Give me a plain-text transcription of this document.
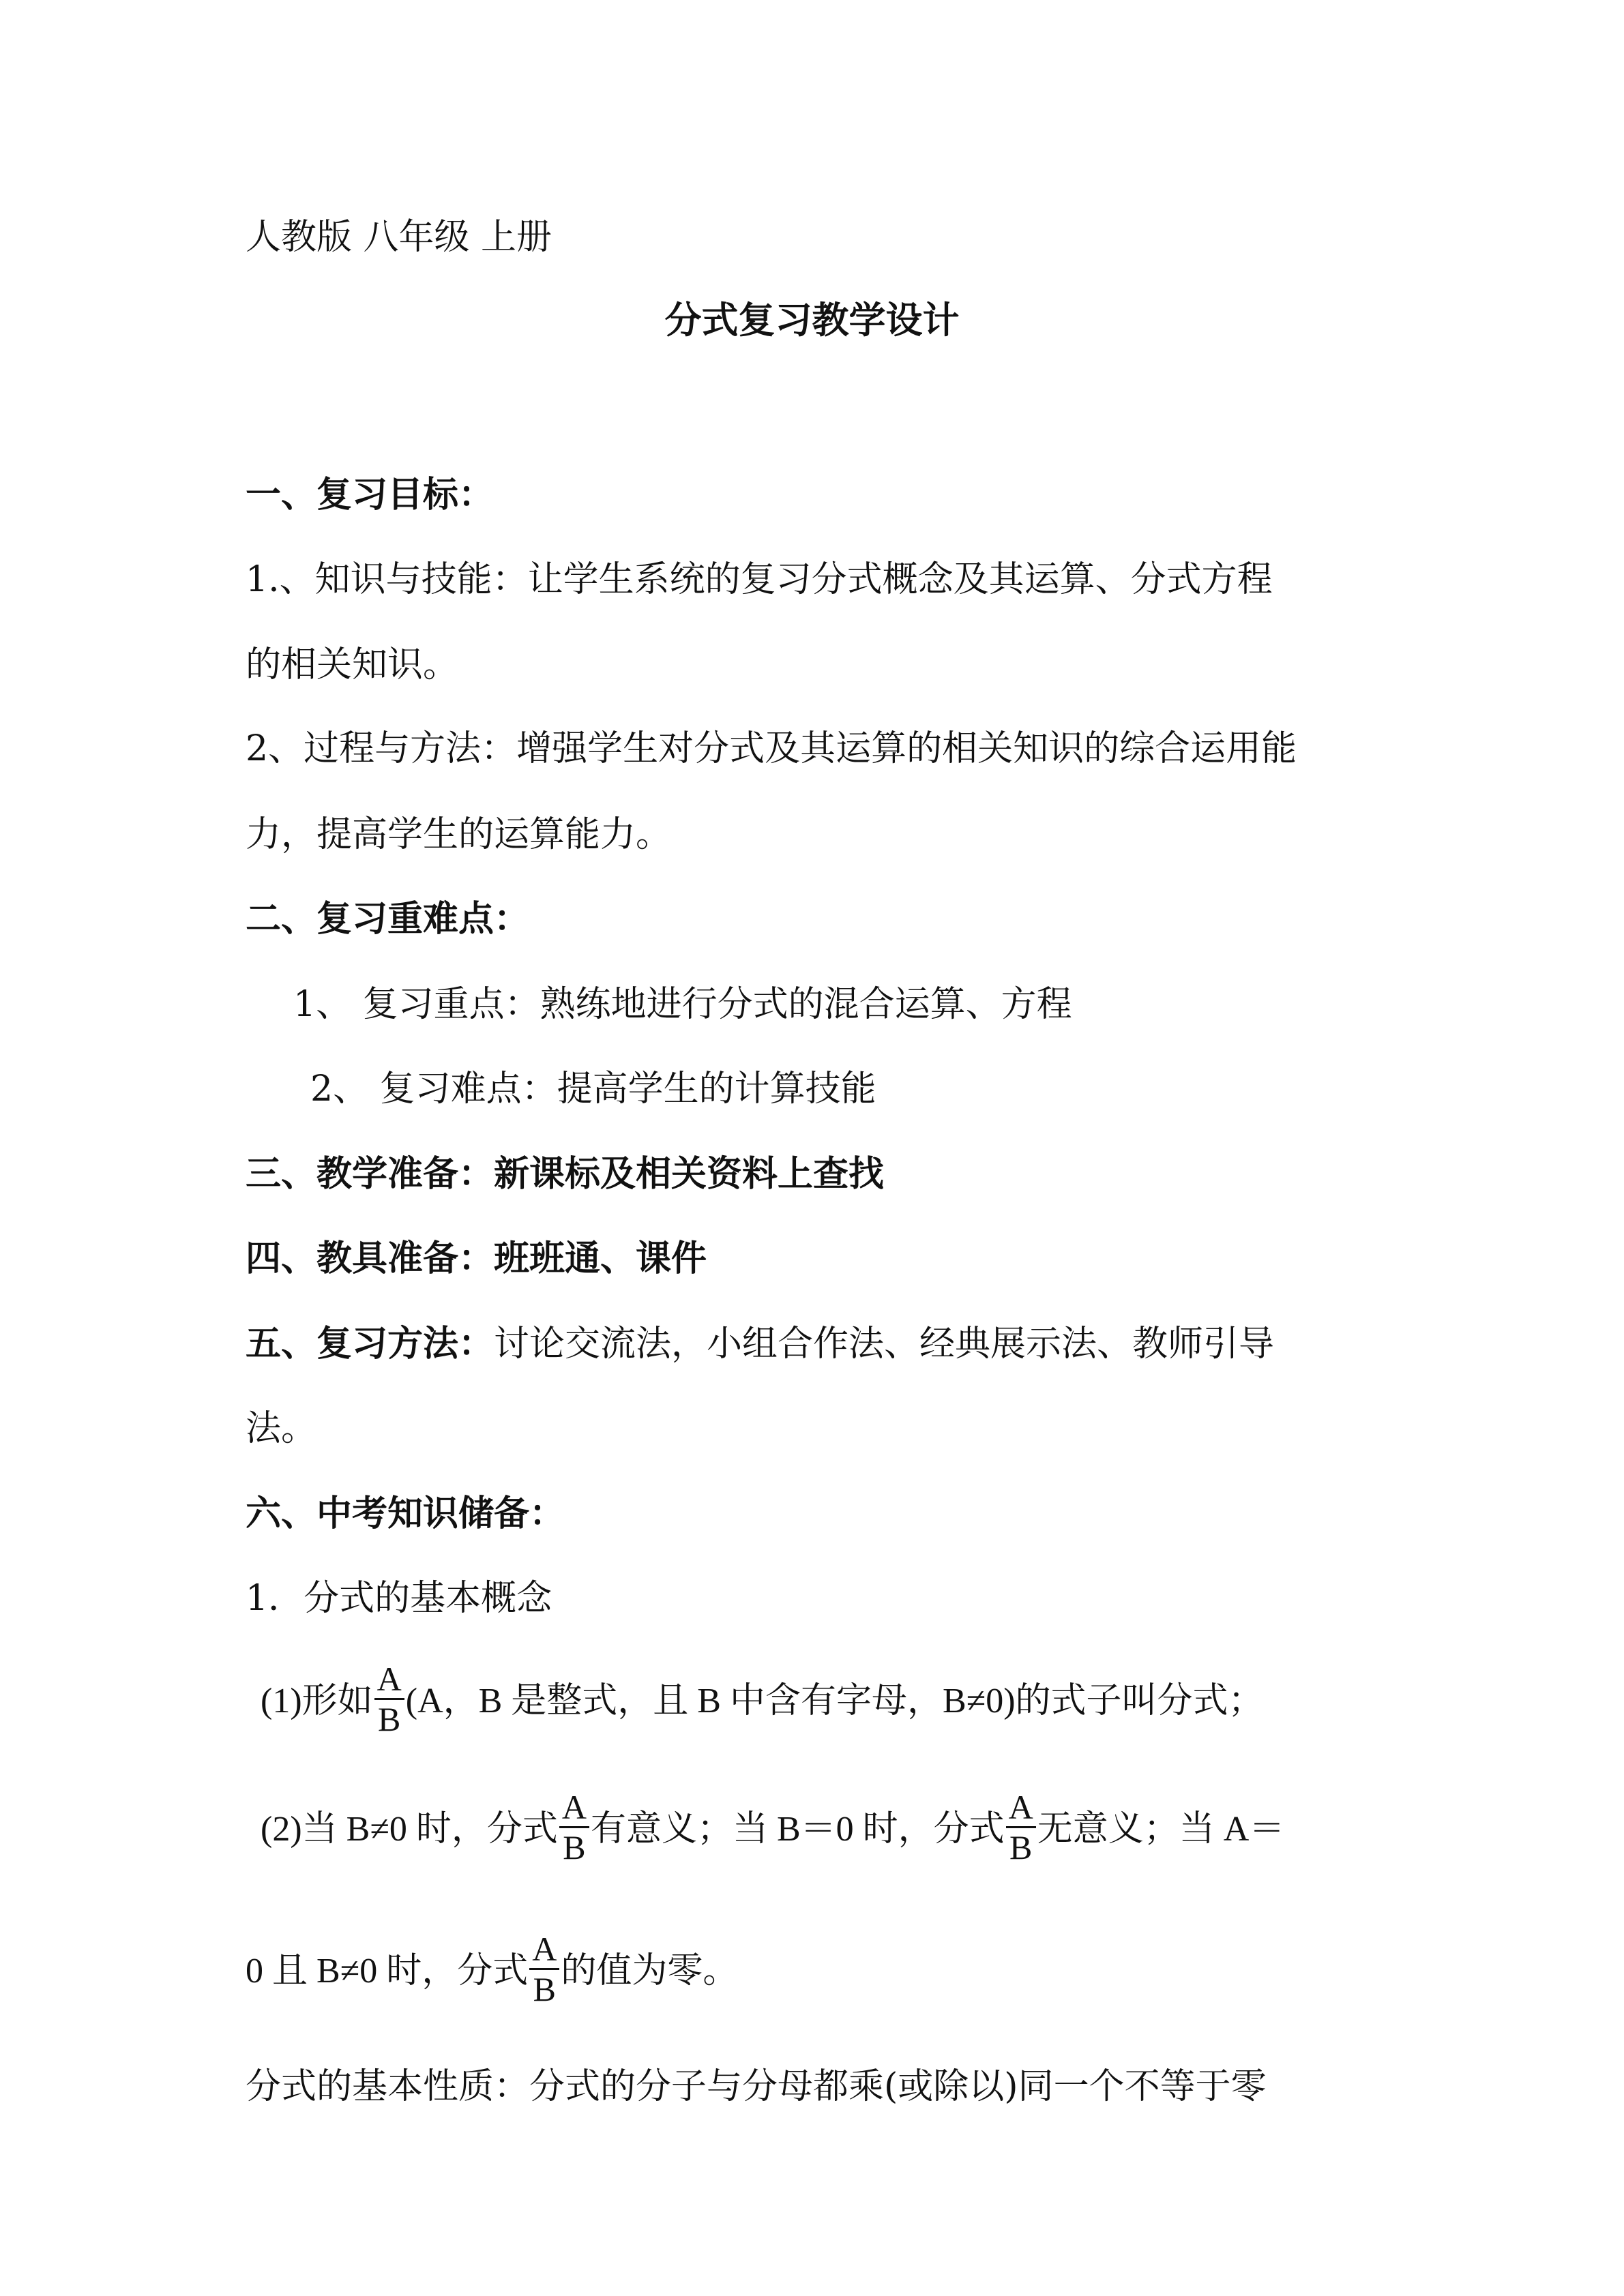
人教版 八年级 上册
分式复习教学设计
一、复习目标：
1.、知识与技能：让学生系统的复习分式概念及其运算、分式方程
的相关知识。
2、过程与方法：增强学生对分式及其运算的相关知识的综合运用能
力，提高学生的运算能力。
二、复习重难点：
1、 复习重点：熟练地进行分式的混合运算、方程
2、 复习难点：提高学生的计算技能
三、教学准备：新课标及相关资料上查找
四、教具准备：班班通、课件
五、复习方法：讨论交流法，小组合作法、经典展示法、教师引导
法。
六、中考知识储备：
1．分式的基本概念
(1)形如 $\frac{A}{B} (A$，B 是整式，且 B 中含有字母，B≠0)的式子叫分式；
(2)当 B≠0 时，分式 $\frac{A}{B}$ 有意义；当 B＝0 时，分式 $\frac{A}{B}$ 无意义；当 A＝
0 且 B≠0 时，分式 $\frac{A}{B}$ 的值为零。
分式的基本性质：分式的分子与分母都乘(或除以)同一个不等于零
